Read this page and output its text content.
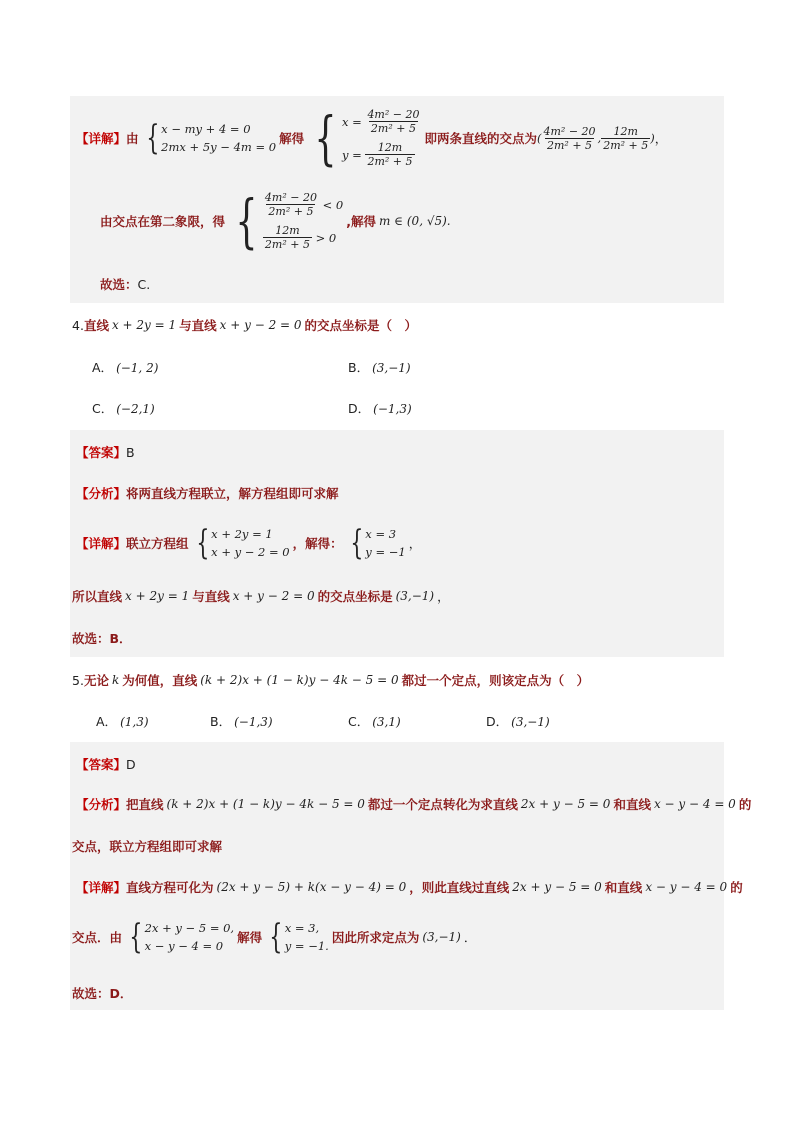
【详解】 由 { x − my + 4 = 0
2mx + 5y − 4m = 0
解得 { x =
$\frac{\text{4m² − 20}}{\text{2m² + 5}}$
y =
$\frac{12m}{\text{2m² + 5}}$
即两条直线的交点为 ( $\frac{\text{4m² − 20}}{\text{2m² + 5}}$ , $\frac{12m}{\text{2m² + 5}}$ ) ，
由交点在第二象限，得 { $\frac{\text{4m² − 20}}{\text{2m² + 5}}$
< 0
$\frac{12m}{\text{2m² + 5}}$
> 0
,解得 m ∈ (0, √5).
故选： C.
4. 直线 x + 2y = 1 与直线 x + y − 2 = 0 的交点坐标是（　）
A． (−1, 2)	B． (3,−1)
C． (−2,1)	D． (−1,3)
【答案】 B
【分析】 将两直线方程联立，解方程组即可求解
【详解】 联立方程组 { x + 2y = 1
x + y − 2 = 0
，解得： { x = 3
y = −1
，
所以直线 x + 2y = 1 与直线 x + y − 2 = 0 的交点坐标是 (3,−1) ，
故选：B．
5. 无论 k 为何值，直线 (k + 2)x + (1 − k)y − 4k − 5 = 0 都过一个定点，则该定点为（　）
A． (1,3)	B． (−1,3)	C． (3,1)	D． (3,−1)
【答案】 D
【分析】 把直线 (k + 2)x + (1 − k)y − 4k − 5 = 0 都过一个定点转化为求直线 2x + y − 5 = 0 和直线 x − y − 4 = 0 的
交点，联立方程组即可求解
【详解】 直线方程可化为 (2x + y − 5) + k(x − y − 4) = 0 ，则此直线过直线 2x + y − 5 = 0 和直线 x − y − 4 = 0 的
交点．由 { 2x + y − 5 = 0,
x − y − 4 = 0
解得 { x = 3,
y = −1.
因此所求定点为 (3,−1) ．
故选：D．
